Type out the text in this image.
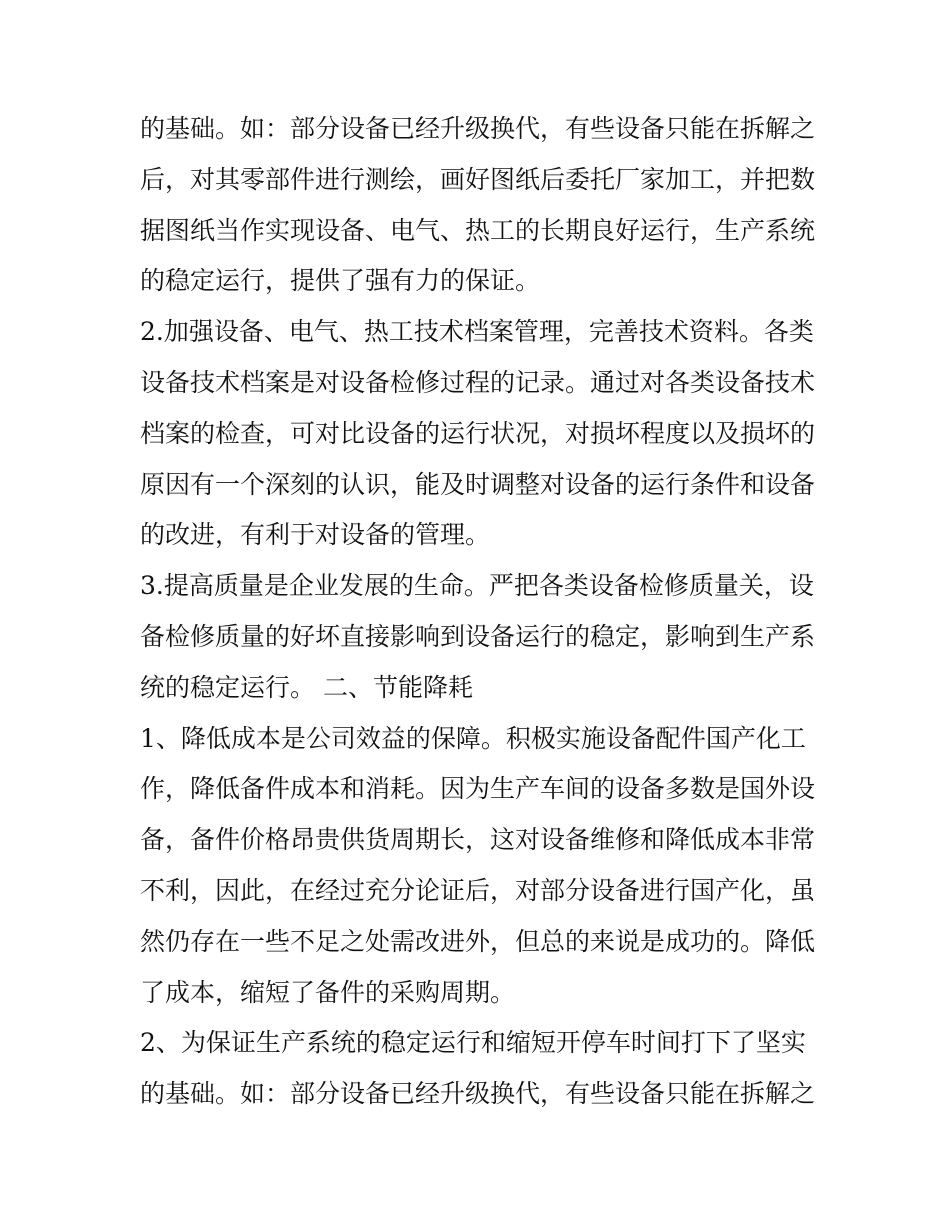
的基础。如：部分设备已经升级换代，有些设备只能在拆解之
后，对其零部件进行测绘，画好图纸后委托厂家加工，并把数
据图纸当作实现设备、电气、热工的长期良好运行，生产系统
的稳定运行，提供了强有力的保证。
2.加强设备、电气、热工技术档案管理，完善技术资料。各类
设备技术档案是对设备检修过程的记录。通过对各类设备技术
档案的检查，可对比设备的运行状况，对损坏程度以及损坏的
原因有一个深刻的认识，能及时调整对设备的运行条件和设备
的改进，有利于对设备的管理。
3.提高质量是企业发展的生命。严把各类设备检修质量关，设
备检修质量的好坏直接影响到设备运行的稳定，影响到生产系
统的稳定运行。 二、节能降耗
1、降低成本是公司效益的保障。积极实施设备配件国产化工
作，降低备件成本和消耗。因为生产车间的设备多数是国外设
备，备件价格昂贵供货周期长，这对设备维修和降低成本非常
不利，因此，在经过充分论证后，对部分设备进行国产化，虽
然仍存在一些不足之处需改进外，但总的来说是成功的。降低
了成本，缩短了备件的采购周期。
2、为保证生产系统的稳定运行和缩短开停车时间打下了坚实
的基础。如：部分设备已经升级换代，有些设备只能在拆解之
